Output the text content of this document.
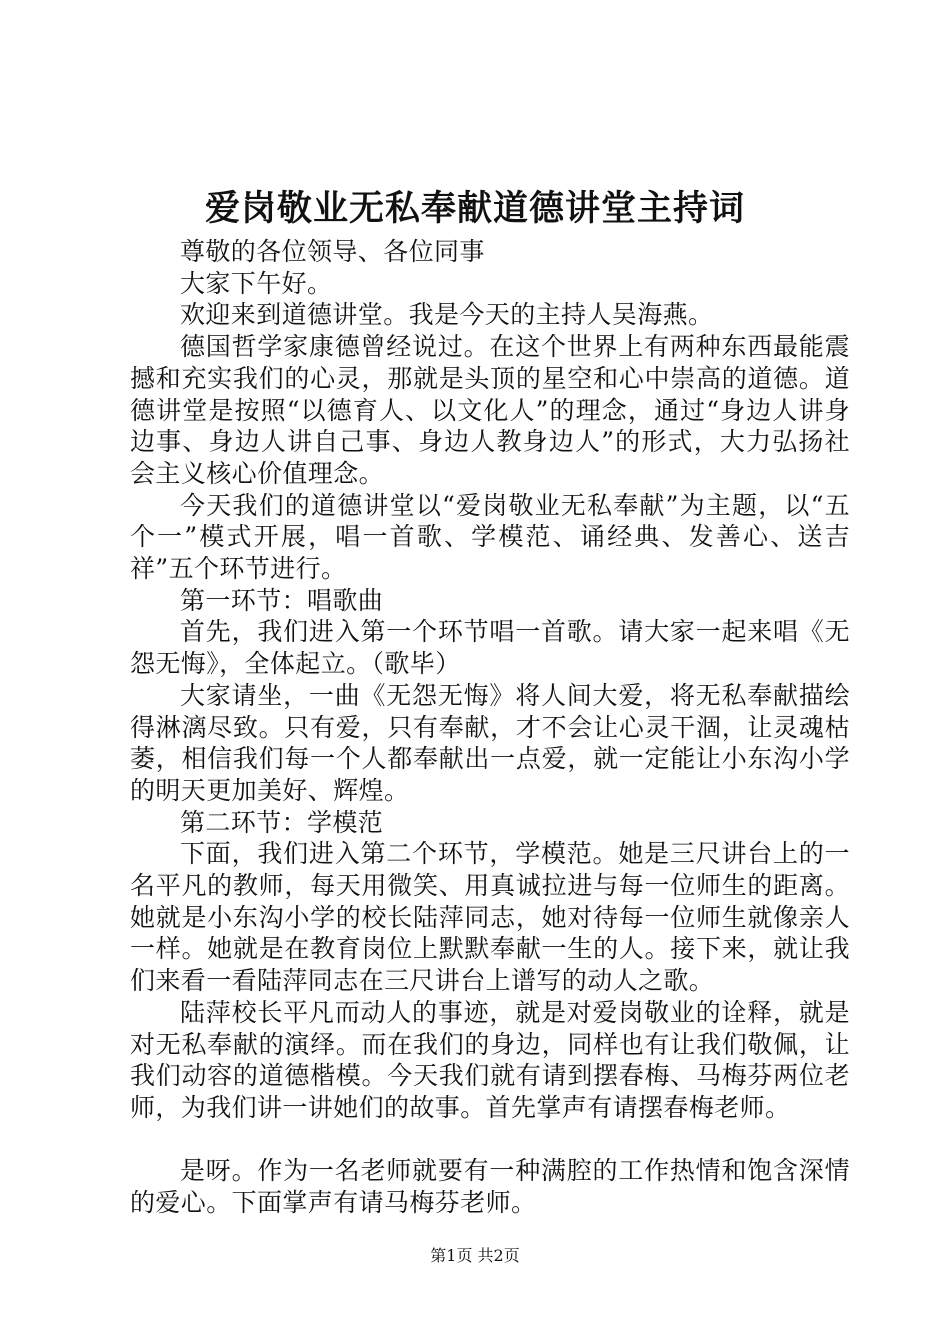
爱岗敬业无私奉献道德讲堂主持词

尊敬的各位领导、各位同事

大家下午好。

欢迎来到道德讲堂。我是今天的主持人吴海燕。

德国哲学家康德曾经说过。在这个世界上有两种东西最能震撼和充实我们的心灵，那就是头顶的星空和心中崇高的道德。道德讲堂是按照“以德育人、以文化人”的理念，通过“身边人讲身边事、身边人讲自己事、身边人教身边人”的形式，大力弘扬社会主义核心价值理念。

今天我们的道德讲堂以“爱岗敬业无私奉献”为主题，以“五个一”模式开展，唱一首歌、学模范、诵经典、发善心、送吉祥”五个环节进行。

第一环节：唱歌曲

首先，我们进入第一个环节唱一首歌。请大家一起来唱《无怨无悔》，全体起立。（歌毕）

大家请坐，一曲《无怨无悔》将人间大爱，将无私奉献描绘得淋漓尽致。只有爱，只有奉献，才不会让心灵干涸，让灵魂枯萎，相信我们每一个人都奉献出一点爱，就一定能让小东沟小学的明天更加美好、辉煌。

第二环节：学模范

下面，我们进入第二个环节，学模范。她是三尺讲台上的一名平凡的教师，每天用微笑、用真诚拉进与每一位师生的距离。她就是小东沟小学的校长陆萍同志，她对待每一位师生就像亲人一样。她就是在教育岗位上默默奉献一生的人。接下来，就让我们来看一看陆萍同志在三尺讲台上谱写的动人之歌。

陆萍校长平凡而动人的事迹，就是对爱岗敬业的诠释，就是对无私奉献的演绎。而在我们的身边，同样也有让我们敬佩，让我们动容的道德楷模。今天我们就有请到摆春梅、马梅芬两位老师，为我们讲一讲她们的故事。首先掌声有请摆春梅老师。

是呀。作为一名老师就要有一种满腔的工作热情和饱含深情的爱心。下面掌声有请马梅芬老师。

第1页 共2页
